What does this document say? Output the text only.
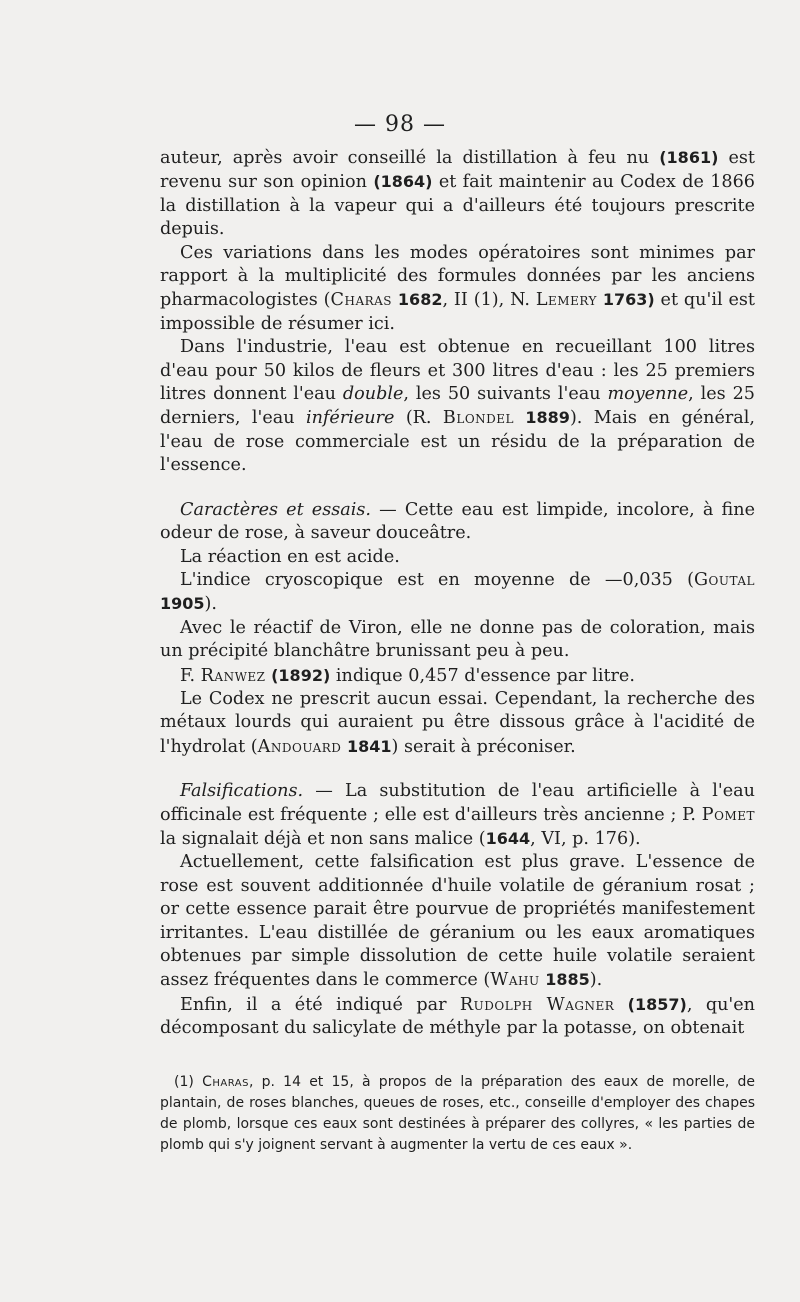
— 98 —

auteur, après avoir conseillé la distillation à feu nu (1861) est revenu sur son opinion (1864) et fait maintenir au Codex de 1866 la distillation à la vapeur qui a d'ailleurs été toujours prescrite depuis.

Ces variations dans les modes opératoires sont minimes par rapport à la multiplicité des formules données par les anciens pharmacologistes (Charas 1682, II (1), N. Lemery 1763) et qu'il est impossible de résumer ici.

Dans l'industrie, l'eau est obtenue en recueillant 100 litres d'eau pour 50 kilos de fleurs et 300 litres d'eau : les 25 premiers litres donnent l'eau double, les 50 suivants l'eau moyenne, les 25 derniers, l'eau inférieure (R. Blondel 1889). Mais en général, l'eau de rose commerciale est un résidu de la préparation de l'essence.

Caractères et essais. — Cette eau est limpide, incolore, à fine odeur de rose, à saveur douceâtre.

La réaction en est acide.

L'indice cryoscopique est en moyenne de —0,035 (Goutal 1905).

Avec le réactif de Viron, elle ne donne pas de coloration, mais un précipité blanchâtre brunissant peu à peu.

F. Ranwez (1892) indique 0,457 d'essence par litre.

Le Codex ne prescrit aucun essai. Cependant, la recherche des métaux lourds qui auraient pu être dissous grâce à l'acidité de l'hydrolat (Andouard 1841) serait à préconiser.

Falsifications. — La substitution de l'eau artificielle à l'eau officinale est fréquente ; elle est d'ailleurs très ancienne ; P. Pomet la signalait déjà et non sans malice (1644, VI, p. 176).

Actuellement, cette falsification est plus grave. L'essence de rose est souvent additionnée d'huile volatile de géranium rosat ; or cette essence parait être pourvue de propriétés manifestement irritantes. L'eau distillée de géranium ou les eaux aromatiques obtenues par simple dissolution de cette huile volatile seraient assez fréquentes dans le commerce (Wahu 1885).

Enfin, il a été indiqué par Rudolph Wagner (1857), qu'en décomposant du salicylate de méthyle par la potasse, on obtenait

(1) Charas, p. 14 et 15, à propos de la préparation des eaux de morelle, de plantain, de roses blanches, queues de roses, etc., conseille d'employer des chapes de plomb, lorsque ces eaux sont destinées à préparer des collyres, « les parties de plomb qui s'y joignent servant à augmenter la vertu de ces eaux ».
